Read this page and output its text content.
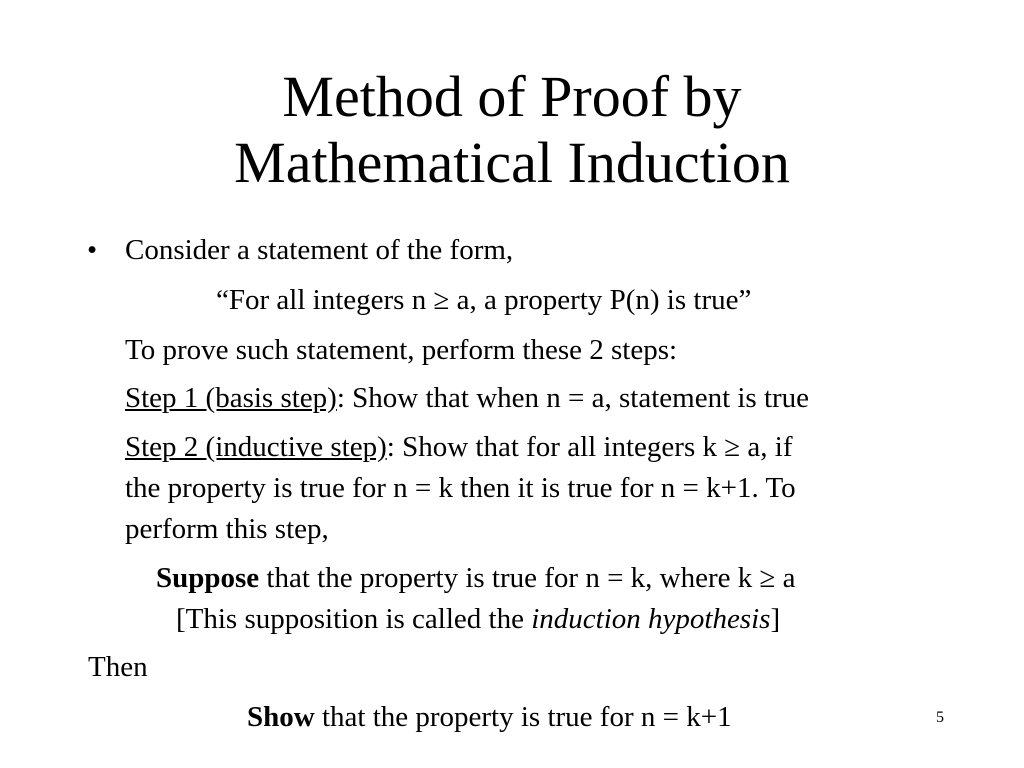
Method of Proof by
Mathematical Induction
• Consider a statement of the form,
“For all integers n ≥ a, a property P(n) is true”
To prove such statement, perform these 2 steps:
Step 1 (basis step): Show that when n = a, statement is true
Step 2 (inductive step): Show that for all integers k ≥ a, if
the property is true for n = k then it is true for n = k+1. To
perform this step,
Suppose that the property is true for n = k, where k ≥ a
[This supposition is called the induction hypothesis]
Then
Show that the property is true for n = k+1	5
